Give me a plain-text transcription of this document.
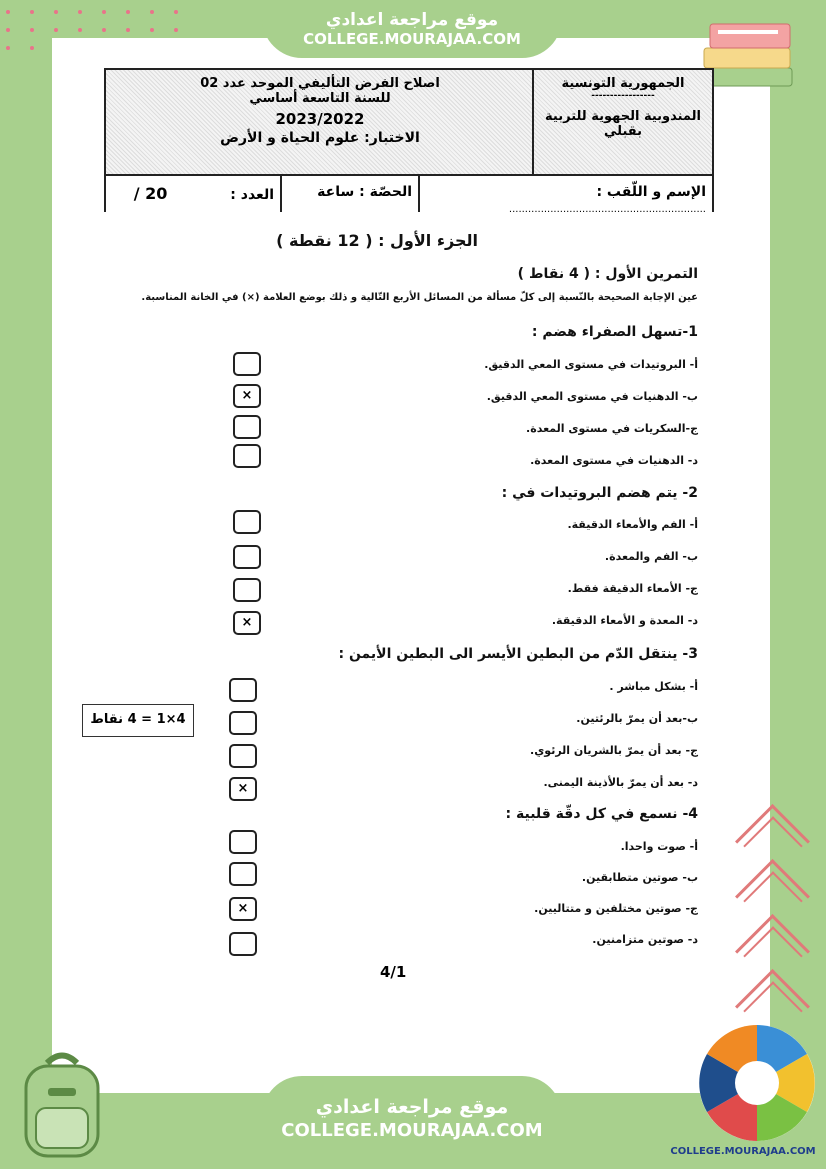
موقع مراجعة اعدادي
COLLEGE.MOURAJAA.COM
الجمهورية التونسية
-----------------
المندوبية الجهوية للتربية
بقبلي
اصلاح الفرض التأليفي الموحد عدد 02
للسنة التاسعة أساسي
2023/2022
الاختبار: علوم الحياة و الأرض
الإسم و اللّقب : ..............................................................
الحصّة : ساعة
العدد : 20 /
الجزء الأول : ( 12 نقطة )
التمرين الأول : ( 4 نقاط )
عين الإجابة الصحيحة بالنّسبة إلى كلّ مسألة من المسائل الأربع التّالية و ذلك بوضع العلامة (×) في الخانة المناسبة.
1-تسهل الصفراء هضم :
أ- البروتيدات في مستوى المعي الدقيق.
ب- الدهنيات في مستوى المعي الدقيق.
ج-السكريات في مستوى المعدة.
د- الدهنيات في مستوى المعدة.
×
2- يتم هضم البروتيدات في :
أ- الفم والأمعاء الدقيقة.
ب- الفم والمعدة.
ج- الأمعاء الدقيقة فقط.
د- المعدة و الأمعاء الدقيقة.
×
3- ينتقل الدّم من البطين الأيسر الى البطين الأيمن :
أ- بشكل مباشر .
ب-بعد أن يمرّ بالرئتين.
ج- بعد أن يمرّ بالشريان الرئوي.
د- بعد أن يمرّ بالأذينة اليمنى.
×
4×1 = 4 نقاط
4- نسمع في كل دقّة قلبية :
أ- صوت واحدا.
ب- صوتين متطابقين.
ج- صوتين مختلفين و متتاليين.
د- صوتين متزامنين.
×
4/1
موقع مراجعة اعدادي
COLLEGE.MOURAJAA.COM
COLLEGE.MOURAJAA.COM
